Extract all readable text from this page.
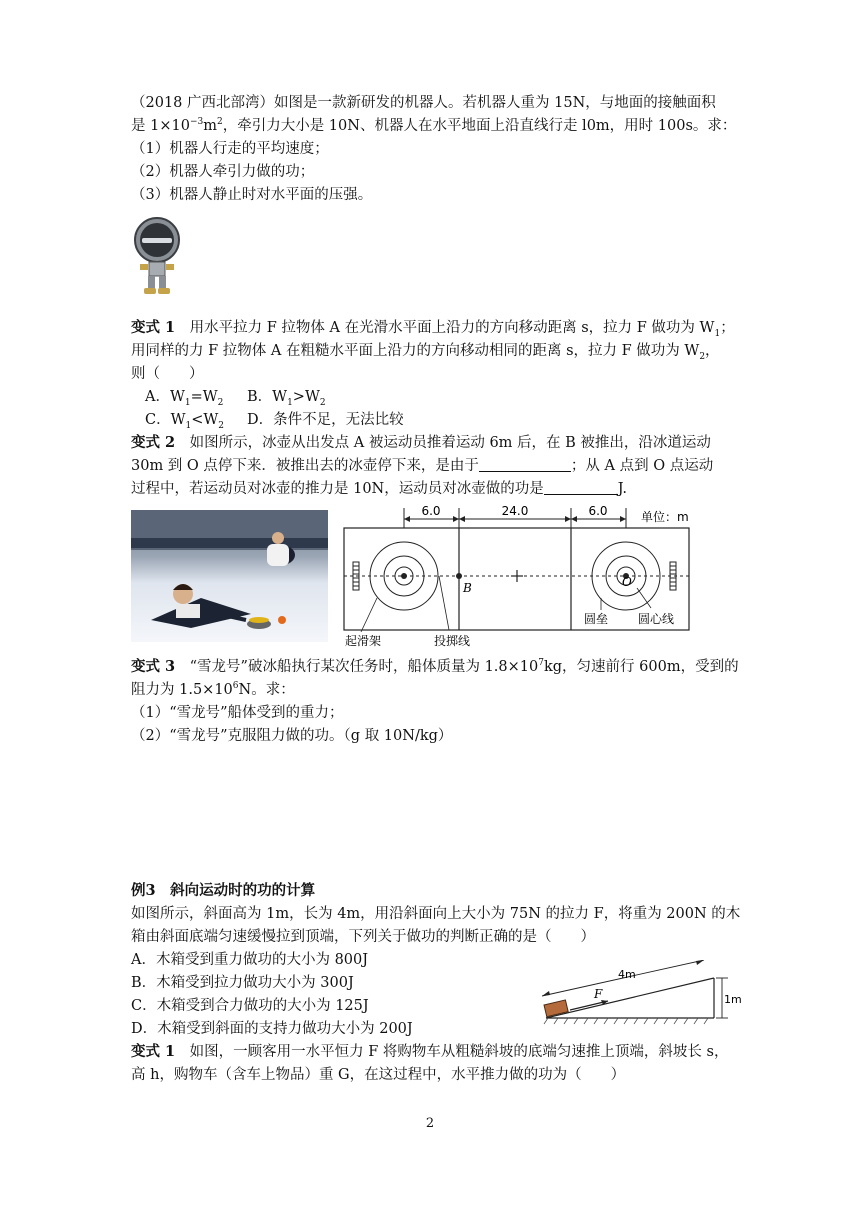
（2018 广西北部湾）如图是一款新研发的机器人。若机器人重为 15N，与地面的接触面积
是 $1\times 10^{-3}m^2$，牵引力大小是 10N、机器人在水平地面上沿直线行走 l0m，用时 100s。求：
（1）机器人行走的平均速度；
（2）机器人牵引力做的功；
（3）机器人静止时对水平面的压强。
变式 1　用水平拉力 F 拉物体 A 在光滑水平面上沿力的方向移动距离 s，拉力 F 做功为 $W_1$；
用同样的力 F 拉物体 A 在粗糙水平面上沿力的方向移动相同的距离 s，拉力 F 做功为 $W_2$，
则（　　）
A．$W_1=W_2$ B．$W_1>W_2$
C．$W_1<W_2$ D．条件不足，无法比较
变式 2　如图所示，冰壶从出发点 A 被运动员推着运动 6m 后，在 B 被推出，沿冰道运动
30m 到 O 点停下来．被推出去的冰壶停下来，是由于	；从 A 点到 O 点运动
过程中，若运动员对冰壶的推力是 10N，运动员对冰壶做的功是	J.
6.0	24.0	6.0	单位：m
B	O
圆垒 圆心线
起滑架	投掷线
变式 3　“雪龙号”破冰船执行某次任务时，船体质量为 $1.8\times 10^7kg$，匀速前行 600m，受到的
阻力为 $1.5\times 10^6N$。求：
（1）“雪龙号”船体受到的重力；
（2）“雪龙号”克服阻力做的功。（g 取 10N/kg）
例3　斜向运动时的功的计算
如图所示，斜面高为 1m，长为 4m，用沿斜面向上大小为 75N 的拉力 F，将重为 200N 的木
箱由斜面底端匀速缓慢拉到顶端，下列关于做功的判断正确的是（　　）
A．木箱受到重力做功的大小为 800J
B．木箱受到拉力做功大小为 300J
C．木箱受到合力做功的大小为 125J
D．木箱受到斜面的支持力做功大小为 200J
4m
1m
F
变式 1　如图，一顾客用一水平恒力 F 将购物车从粗糙斜坡的底端匀速推上顶端，斜坡长 s，
高 h，购物车（含车上物品）重 G，在这过程中，水平推力做的功为（　　）
2
